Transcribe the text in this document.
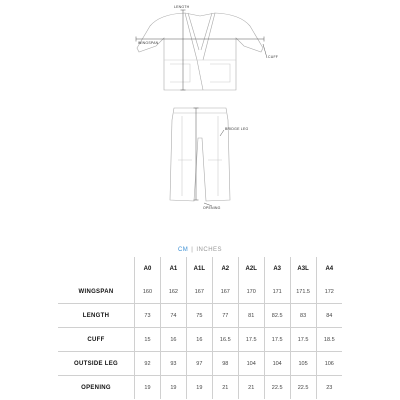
LENGTH
WINGSPAN
CUFF
BRIDGE LEG
OPENING
CM | INCHES
	A0	A1	A1L	A2	A2L	A3	A3L	A4
WINGSPAN	160	162	167	167	170	171	171.5	172
LENGTH	73	74	75	77	81	82.5	83	84
CUFF	15	16	16	16.5	17.5	17.5	17.5	18.5
OUTSIDE LEG	92	93	97	98	104	104	105	106
OPENING	19	19	19	21	21	22.5	22.5	23
